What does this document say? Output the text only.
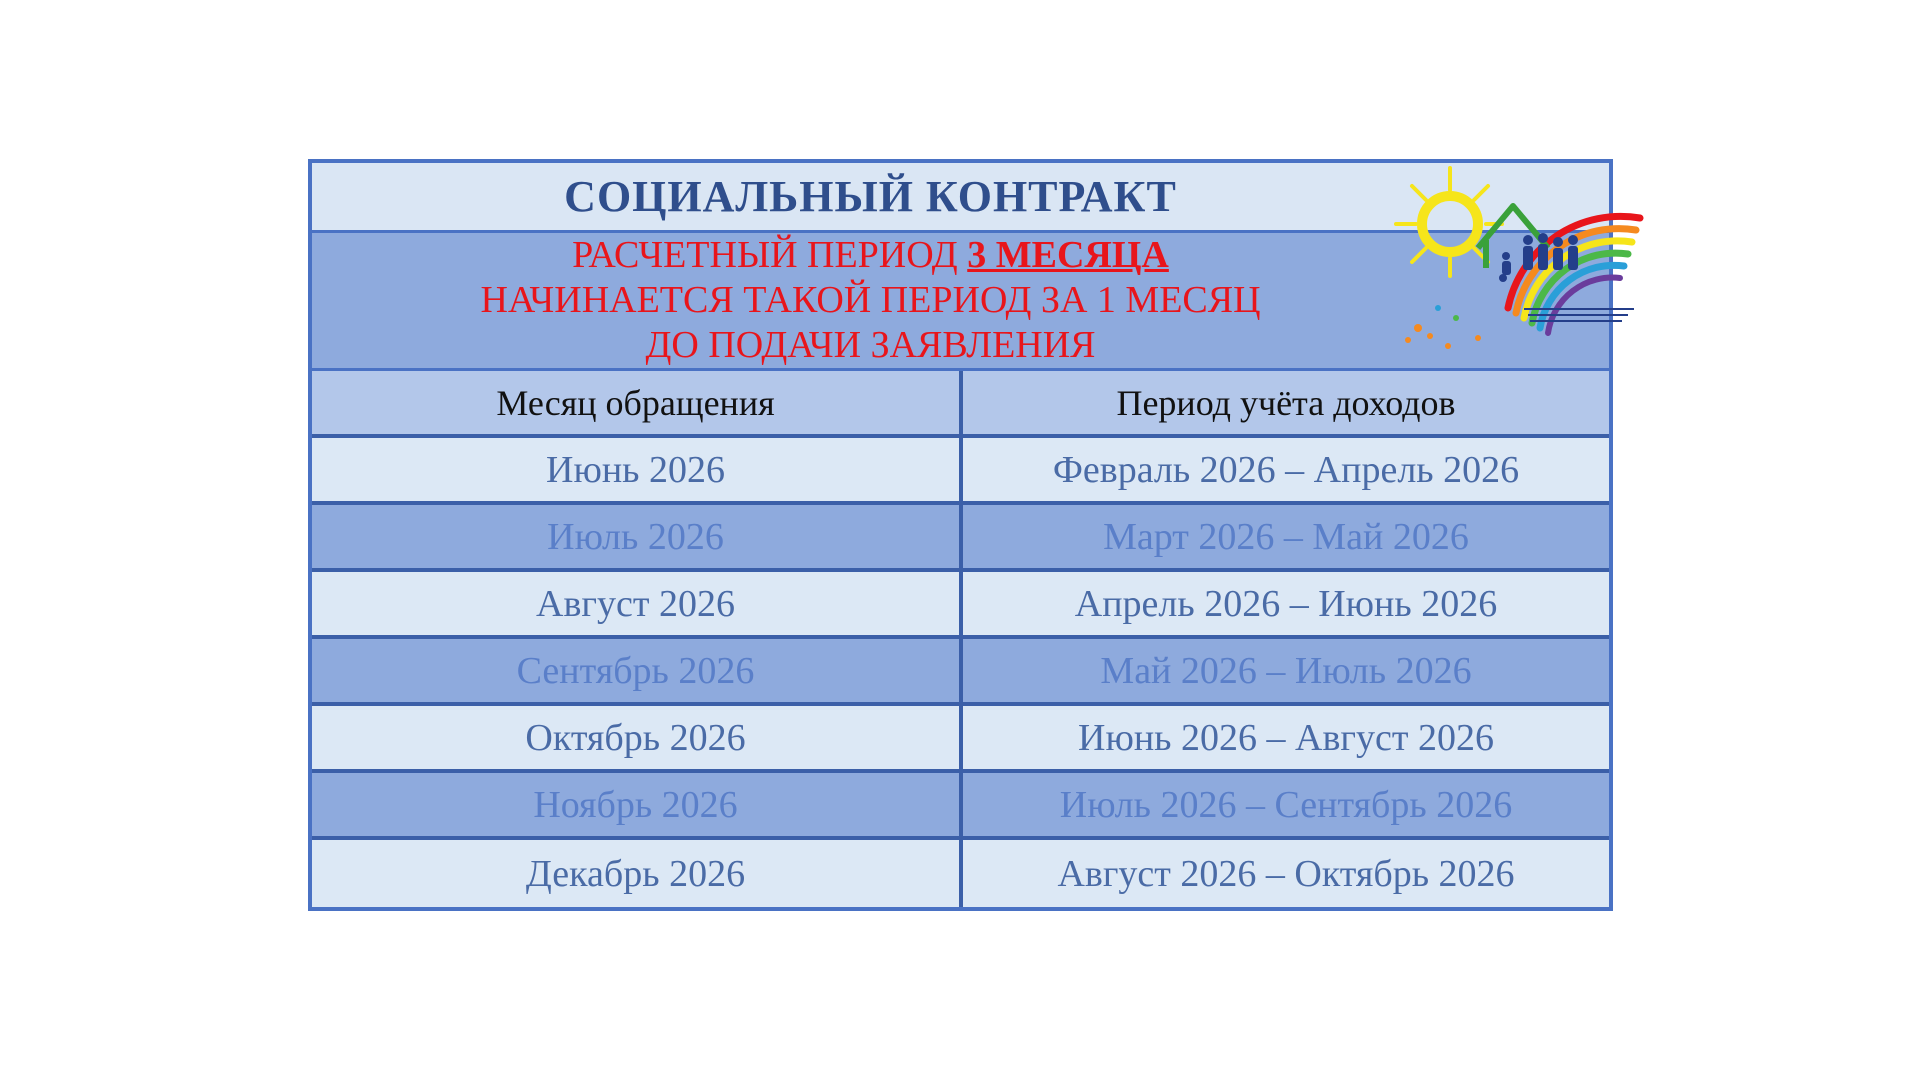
СОЦИАЛЬНЫЙ КОНТРАКТ
РАСЧЕТНЫЙ ПЕРИОД 3 МЕСЯЦА
НАЧИНАЕТСЯ ТАКОЙ ПЕРИОД ЗА 1 МЕСЯЦ
ДО ПОДАЧИ ЗАЯВЛЕНИЯ
Месяц обращения	Период учёта доходов
Июнь 2026	Февраль 2026 – Апрель 2026
Июль 2026	Март 2026 – Май 2026
Август 2026	Апрель 2026 – Июнь 2026
Сентябрь 2026	Май 2026 – Июль 2026
Октябрь 2026	Июнь 2026 – Август 2026
Ноябрь 2026	Июль 2026 – Сентябрь 2026
Декабрь 2026	Август 2026 – Октябрь 2026
